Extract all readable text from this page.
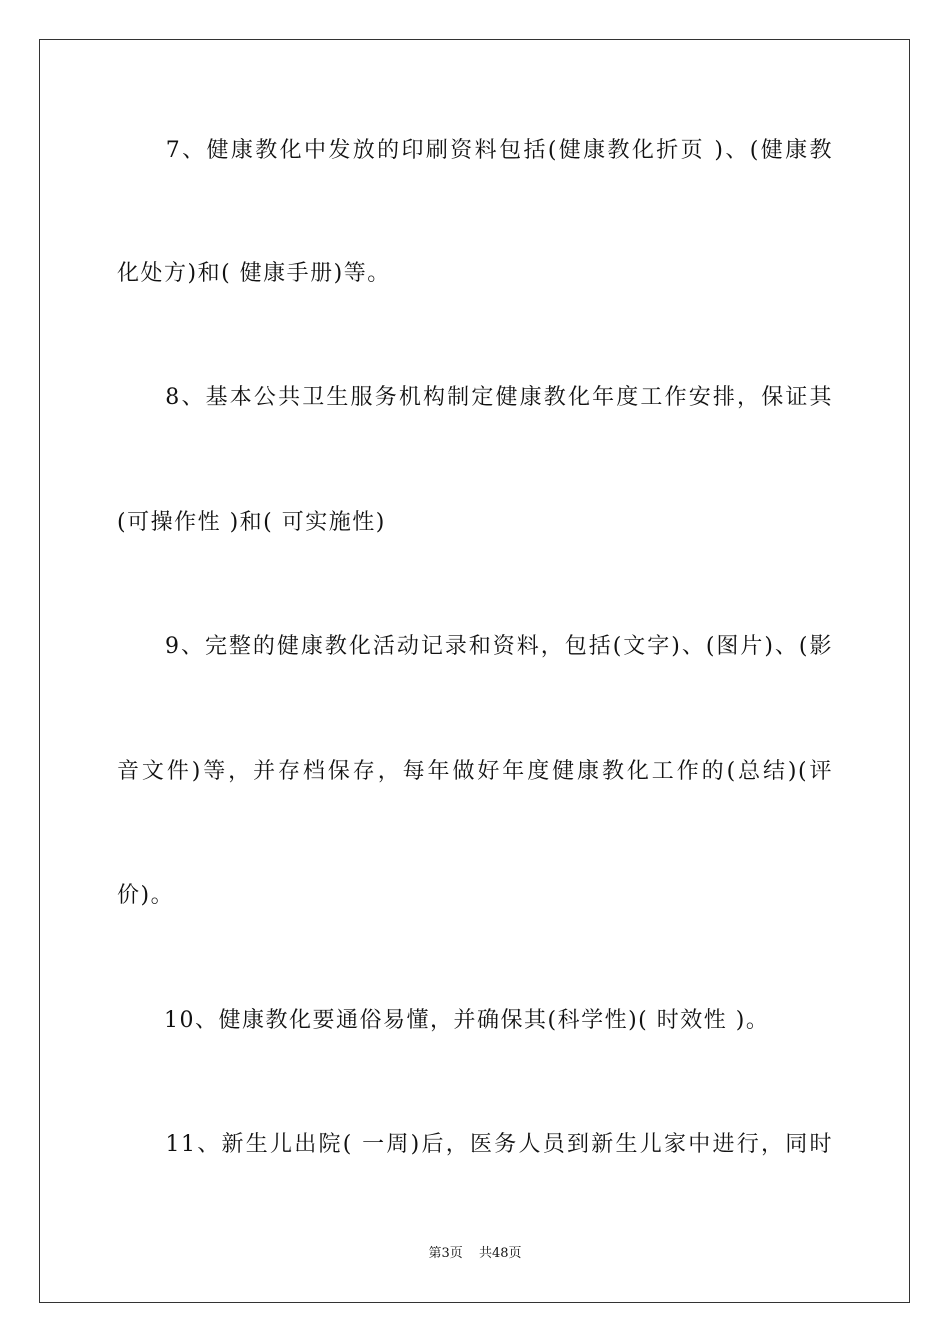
　　7、健康教化中发放的印刷资料包括(健康教化折页 )、(健康教
化处方)和( 健康手册)等。
　　8、基本公共卫生服务机构制定健康教化年度工作安排，保证其
(可操作性 )和( 可实施性)
　　9、完整的健康教化活动记录和资料，包括(文字)、(图片)、(影
音文件)等，并存档保存，每年做好年度健康教化工作的(总结)(评
价)。
　　10、健康教化要通俗易懂，并确保其(科学性)( 时效性 )。
　　11、新生儿出院( 一周)后，医务人员到新生儿家中进行，同时
第3页 共48页
